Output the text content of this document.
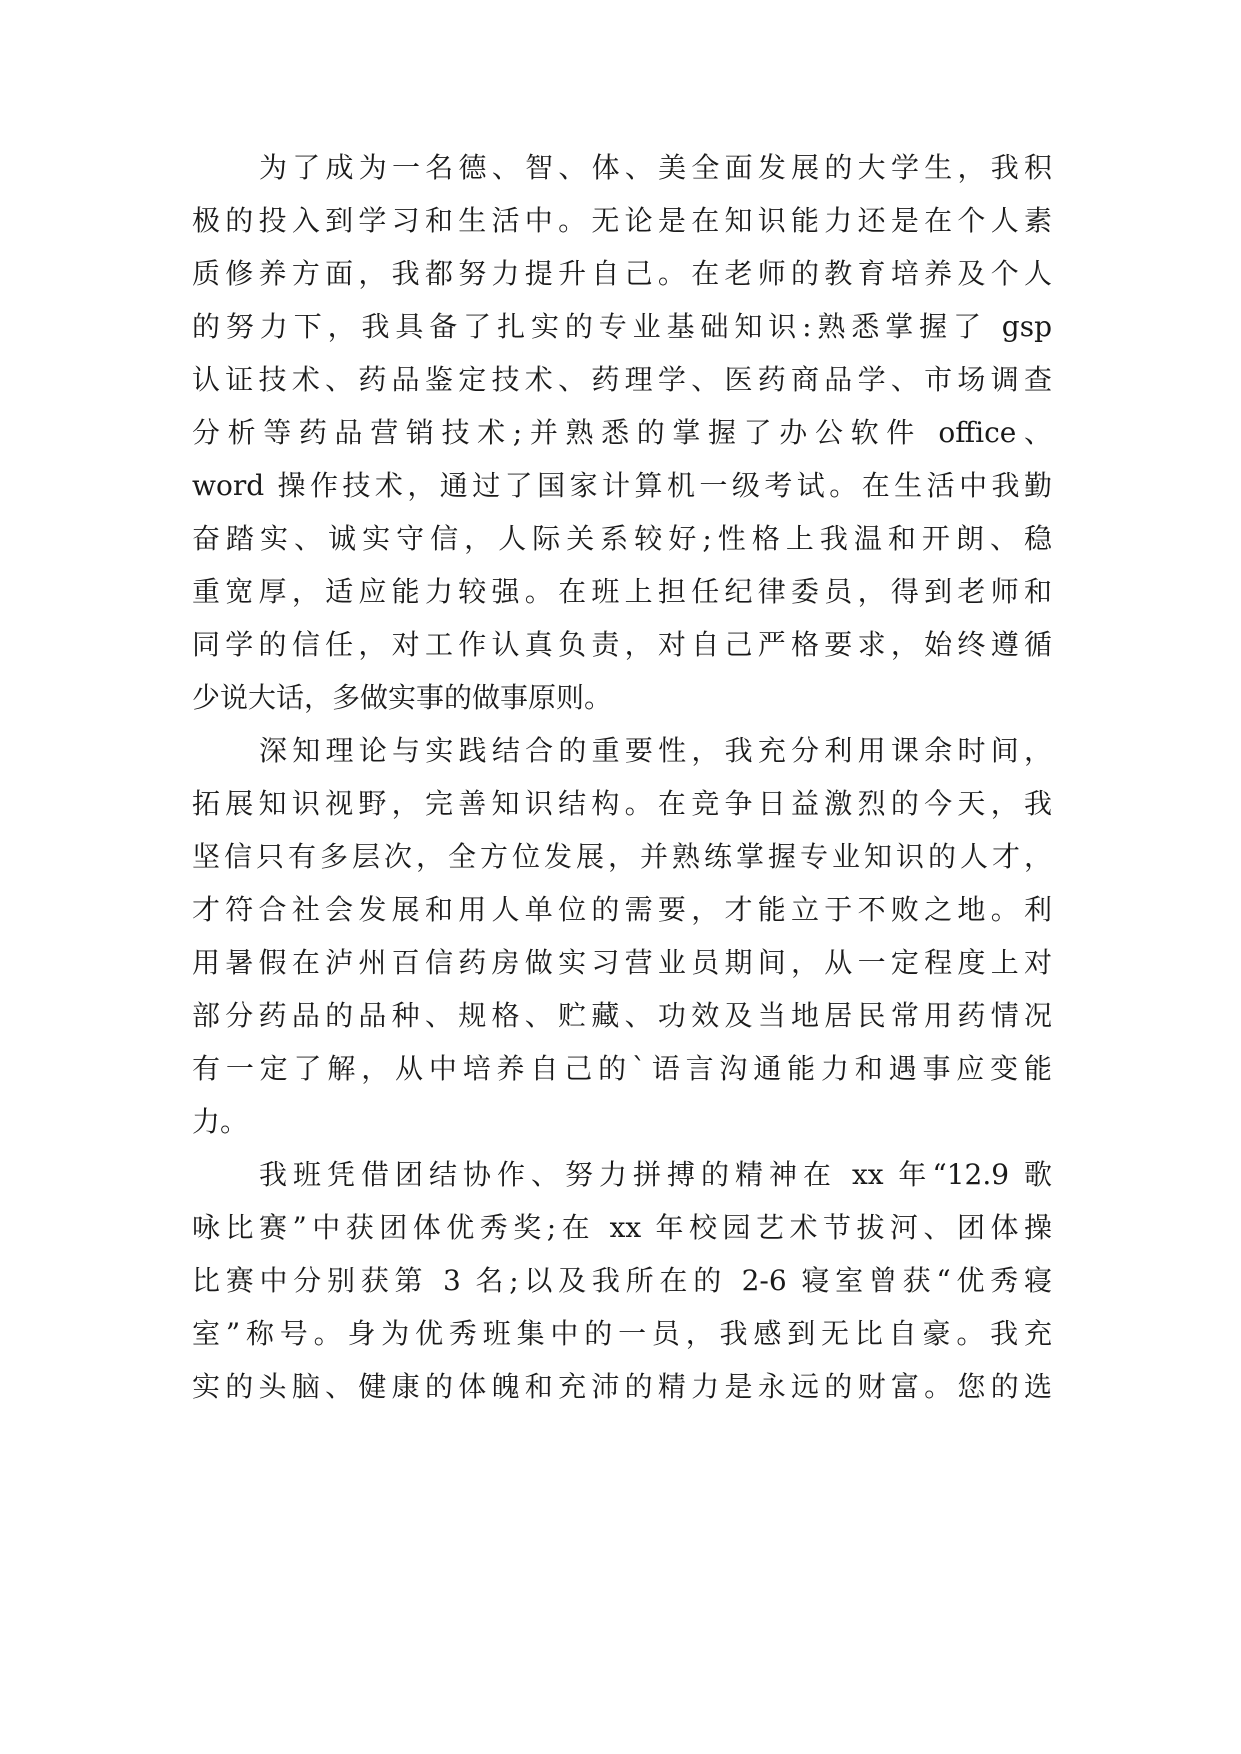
为了成为一名德、智、体、美全面发展的大学生，我积
极的投入到学习和生活中。无论是在知识能力还是在个人素
质修养方面，我都努力提升自己。在老师的教育培养及个人
的努力下，我具备了扎实的专业基础知识:熟悉掌握了 gsp
认证技术、药品鉴定技术、药理学、医药商品学、市场调查
分析等药品营销技术;并熟悉的掌握了办公软件 office、
word 操作技术，通过了国家计算机一级考试。在生活中我勤
奋踏实、诚实守信，人际关系较好;性格上我温和开朗、稳
重宽厚，适应能力较强。在班上担任纪律委员，得到老师和
同学的信任，对工作认真负责，对自己严格要求，始终遵循
少说大话，多做实事的做事原则。
深知理论与实践结合的重要性，我充分利用课余时间，
拓展知识视野，完善知识结构。在竞争日益激烈的今天，我
坚信只有多层次，全方位发展，并熟练掌握专业知识的人才，
才符合社会发展和用人单位的需要，才能立于不败之地。利
用暑假在泸州百信药房做实习营业员期间，从一定程度上对
部分药品的品种、规格、贮藏、功效及当地居民常用药情况
有一定了解，从中培养自己的`语言沟通能力和遇事应变能
力。
我班凭借团结协作、努力拼搏的精神在 xx 年“12.9 歌
咏比赛”中获团体优秀奖;在 xx 年校园艺术节拔河、团体操
比赛中分别获第 3 名;以及我所在的 2-6 寝室曾获“优秀寝
室”称号。身为优秀班集中的一员，我感到无比自豪。我充
实的头脑、健康的体魄和充沛的精力是永远的财富。您的选
